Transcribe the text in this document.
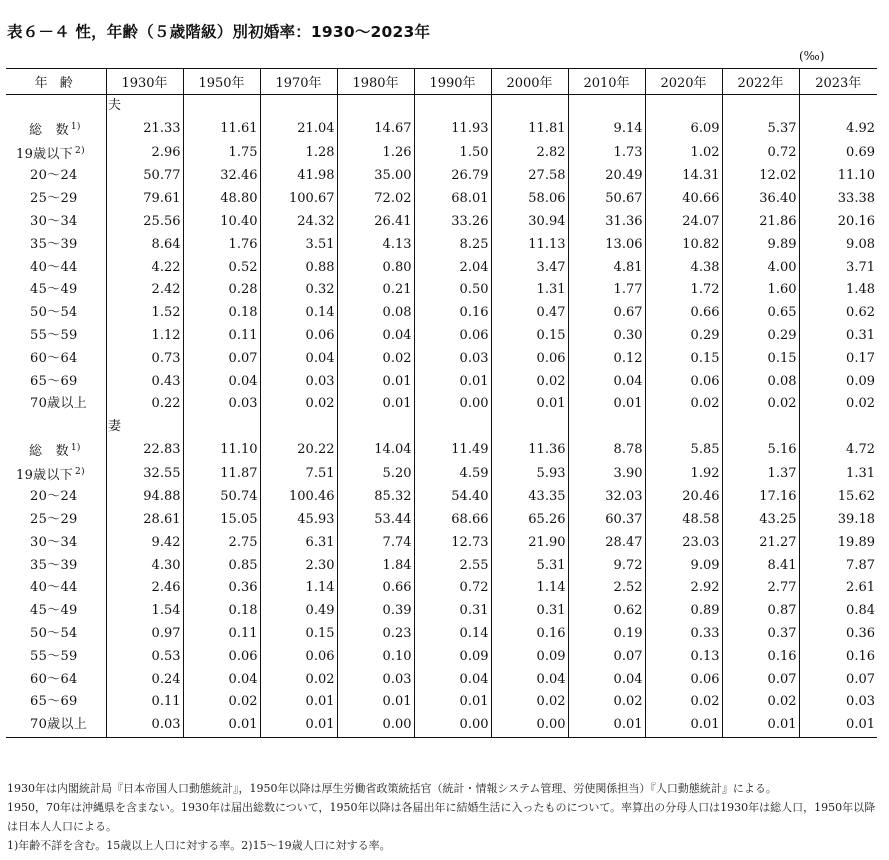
表６－４ 性，年齢（５歳階級）別初婚率：1930〜2023年
(‰)
年 齢	1930年	1950年	1970年	1980年	1990年	2000年	2010年	2020年	2022年	2023年
夫										
総　数 $^{1)}$	21.33	11.61	21.04	14.67	11.93	11.81	9.14	6.09	5.37	4.92
19歳以下 $^{2)}$	2.96	1.75	1.28	1.26	1.50	2.82	1.73	1.02	0.72	0.69
20〜24	50.77	32.46	41.98	35.00	26.79	27.58	20.49	14.31	12.02	11.10
25〜29	79.61	48.80	100.67	72.02	68.01	58.06	50.67	40.66	36.40	33.38
30〜34	25.56	10.40	24.32	26.41	33.26	30.94	31.36	24.07	21.86	20.16
35〜39	8.64	1.76	3.51	4.13	8.25	11.13	13.06	10.82	9.89	9.08
40〜44	4.22	0.52	0.88	0.80	2.04	3.47	4.81	4.38	4.00	3.71
45〜49	2.42	0.28	0.32	0.21	0.50	1.31	1.77	1.72	1.60	1.48
50〜54	1.52	0.18	0.14	0.08	0.16	0.47	0.67	0.66	0.65	0.62
55〜59	1.12	0.11	0.06	0.04	0.06	0.15	0.30	0.29	0.29	0.31
60〜64	0.73	0.07	0.04	0.02	0.03	0.06	0.12	0.15	0.15	0.17
65〜69	0.43	0.04	0.03	0.01	0.01	0.02	0.04	0.06	0.08	0.09
70歳以上	0.22	0.03	0.02	0.01	0.00	0.01	0.01	0.02	0.02	0.02
妻										
総　数 $^{1)}$	22.83	11.10	20.22	14.04	11.49	11.36	8.78	5.85	5.16	4.72
19歳以下 $^{2)}$	32.55	11.87	7.51	5.20	4.59	5.93	3.90	1.92	1.37	1.31
20〜24	94.88	50.74	100.46	85.32	54.40	43.35	32.03	20.46	17.16	15.62
25〜29	28.61	15.05	45.93	53.44	68.66	65.26	60.37	48.58	43.25	39.18
30〜34	9.42	2.75	6.31	7.74	12.73	21.90	28.47	23.03	21.27	19.89
35〜39	4.30	0.85	2.30	1.84	2.55	5.31	9.72	9.09	8.41	7.87
40〜44	2.46	0.36	1.14	0.66	0.72	1.14	2.52	2.92	2.77	2.61
45〜49	1.54	0.18	0.49	0.39	0.31	0.31	0.62	0.89	0.87	0.84
50〜54	0.97	0.11	0.15	0.23	0.14	0.16	0.19	0.33	0.37	0.36
55〜59	0.53	0.06	0.06	0.10	0.09	0.09	0.07	0.13	0.16	0.16
60〜64	0.24	0.04	0.02	0.03	0.04	0.04	0.04	0.06	0.07	0.07
65〜69	0.11	0.02	0.01	0.01	0.01	0.02	0.02	0.02	0.02	0.03
70歳以上	0.03	0.01	0.01	0.00	0.00	0.00	0.01	0.01	0.01	0.01

1930年は内閣統計局『日本帝国人口動態統計』，1950年以降は厚生労働省政策統括官（統計・情報システム管理、労使関係担当）『人口動態統計』による。

1950，70年は沖縄県を含まない。1930年は届出総数について，1950年以降は各届出年に結婚生活に入ったものについて。率算出の分母人口は1930年は総人口，1950年以降は日本人人口による。

1)年齢不詳を含む。15歳以上人口に対する率。2)15〜19歳人口に対する率。
